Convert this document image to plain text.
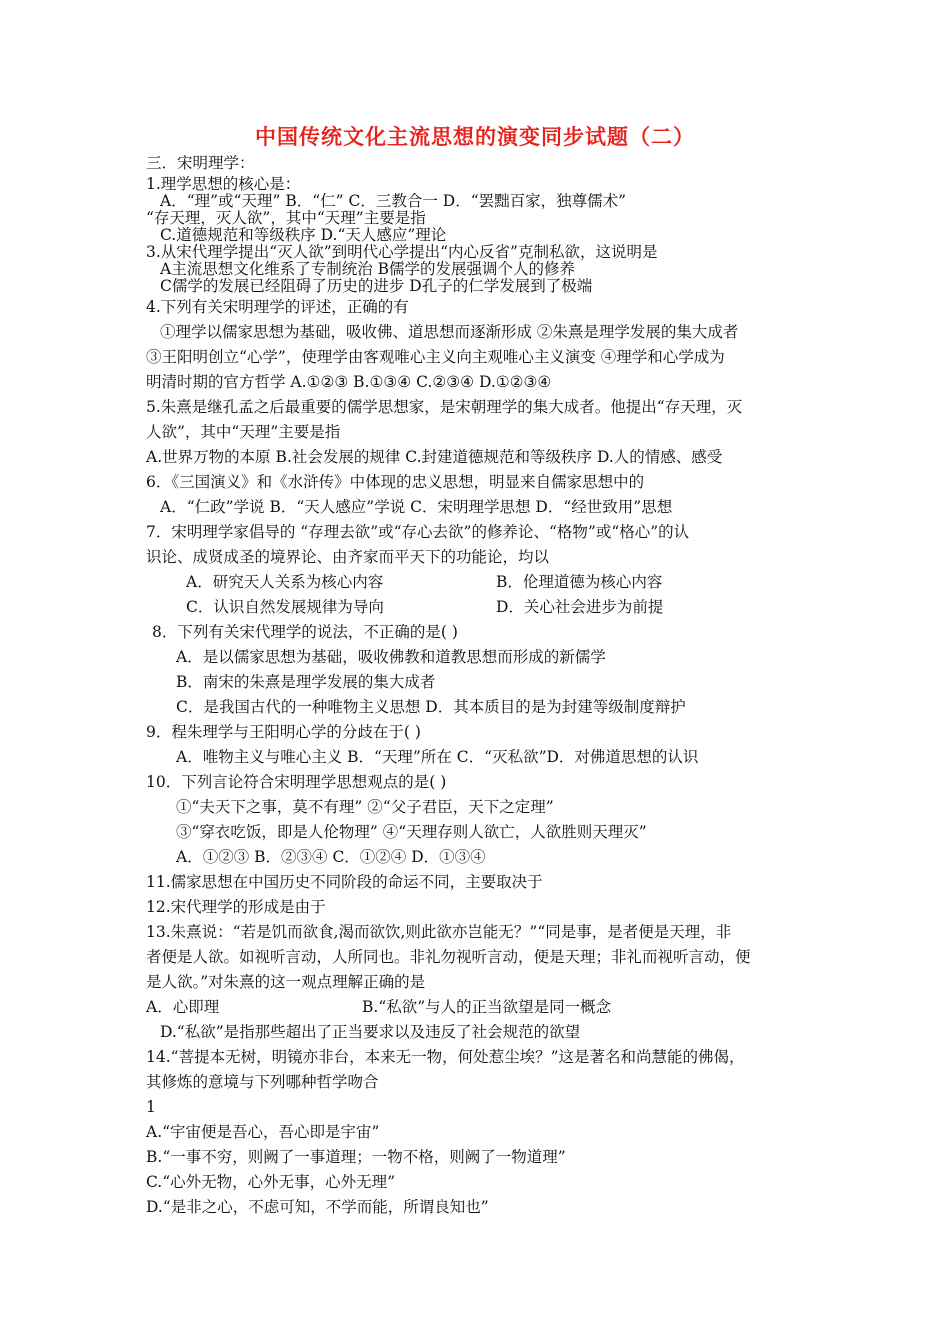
中国传统文化主流思想的演变同步试题（二）
三．宋明理学：
1.理学思想的核心是：
A．“理”或“天理” B．“仁” C．三教合一 D．“罢黜百家，独尊儒术”
“存天理，灭人欲”，其中“天理”主要是指
C.道德规范和等级秩序 D.“天人感应”理论
3.从宋代理学提出“灭人欲”到明代心学提出“内心反省”克制私欲，这说明是
A主流思想文化维系了专制统治 B儒学的发展强调个人的修养
C儒学的发展已经阻碍了历史的进步 D孔子的仁学发展到了极端
4.下列有关宋明理学的评述，正确的有
①理学以儒家思想为基础，吸收佛、道思想而逐渐形成 ②朱熹是理学发展的集大成者
③王阳明创立“心学”，使理学由客观唯心主义向主观唯心主义演变 ④理学和心学成为
明清时期的官方哲学 A.①②③ B.①③④ C.②③④ D.①②③④
5.朱熹是继孔孟之后最重要的儒学思想家，是宋朝理学的集大成者。他提出“存天理，灭
人欲”，其中“天理”主要是指
A.世界万物的本原 B.社会发展的规律 C.封建道德规范和等级秩序 D.人的情感、感受
6．《三国演义》和《水浒传》中体现的忠义思想，明显来自儒家思想中的
A．“仁政”学说 B．“天人感应”学说 C．宋明理学思想 D．“经世致用”思想
7．宋明理学家倡导的 “存理去欲”或“存心去欲”的修养论、“格物”或“格心”的认
识论、成贤成圣的境界论、由齐家而平天下的功能论，均以
A．研究天人关系为核心内容	B．伦理道德为核心内容
C．认识自然发展规律为导向	D．关心社会进步为前提
8．下列有关宋代理学的说法，不正确的是( )
A．是以儒家思想为基础，吸收佛教和道教思想而形成的新儒学
B．南宋的朱熹是理学发展的集大成者
C．是我国古代的一种唯物主义思想 D．其本质目的是为封建等级制度辩护
9．程朱理学与王阳明心学的分歧在于( )
A．唯物主义与唯心主义 B．“天理”所在 C．“灭私欲”D．对佛道思想的认识
10．下列言论符合宋明理学思想观点的是( )
①“夫天下之事，莫不有理” ②“父子君臣，天下之定理”
③“穿衣吃饭，即是人伦物理” ④“天理存则人欲亡，人欲胜则天理灭”
A．①②③ B．②③④ C．①②④ D．①③④
11.儒家思想在中国历史不同阶段的命运不同，主要取决于
12.宋代理学的形成是由于
13.朱熹说：“若是饥而欲食,渴而欲饮,则此欲亦岂能无？”“同是事，是者便是天理，非
者便是人欲。如视听言动，人所同也。非礼勿视听言动，便是天理；非礼而视听言动，便
是人欲。”对朱熹的这一观点理解正确的是
A．心即理	B.“私欲”与人的正当欲望是同一概念
D.“私欲”是指那些超出了正当要求以及违反了社会规范的欲望
14.“菩提本无树，明镜亦非台，本来无一物，何处惹尘埃？”这是著名和尚慧能的佛偈，
其修炼的意境与下列哪种哲学吻合
1
A.“宇宙便是吾心，吾心即是宇宙”
B.“一事不穷，则阙了一事道理；一物不格，则阙了一物道理”
C.“心外无物，心外无事，心外无理”
D.“是非之心，不虑可知，不学而能，所谓良知也”
